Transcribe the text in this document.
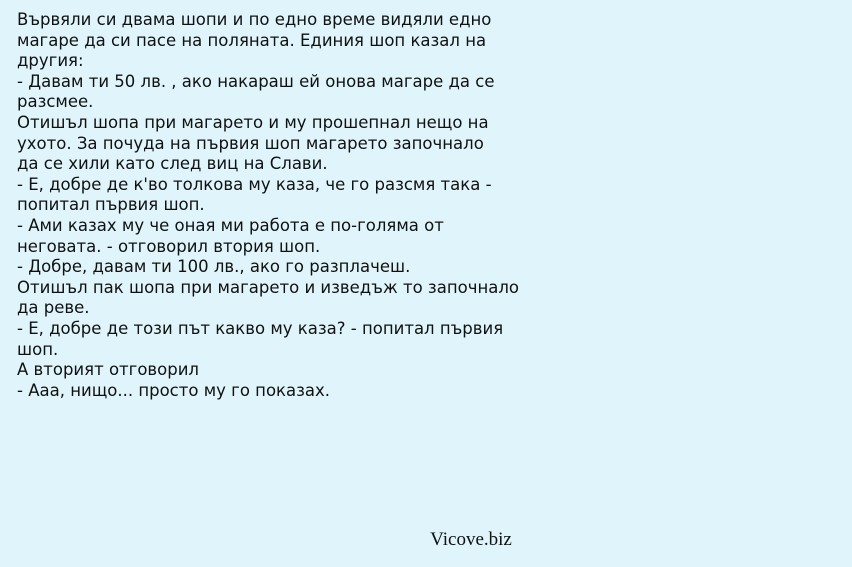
Вървяли си двама шопи и по едно време видяли едно
магаре да си пасе на поляната. Единия шоп казал на
другия:
- Давам ти 50 лв. , ако накараш ей онова магаре да се
разсмее.
Отишъл шопа при магарето и му прошепнал нещо на
ухото. За почуда на първия шоп магарето започнало
да се хили като след виц на Слави.
- Е, добре де к'во толкова му каза, че го разсмя така -
попитал първия шоп.
- Ами казах му че оная ми работа е по-голяма от
неговата. - отговорил втория шоп.
- Добре, давам ти 100 лв., ако го разплачеш.
Отишъл пак шопа при магарето и изведъж то започнало
да реве.
- Е, добре де този път какво му каза? - попитал първия
шоп.
А вторият отговорил
- Ааа, нищо... просто му го показах.
Vicove.biz
